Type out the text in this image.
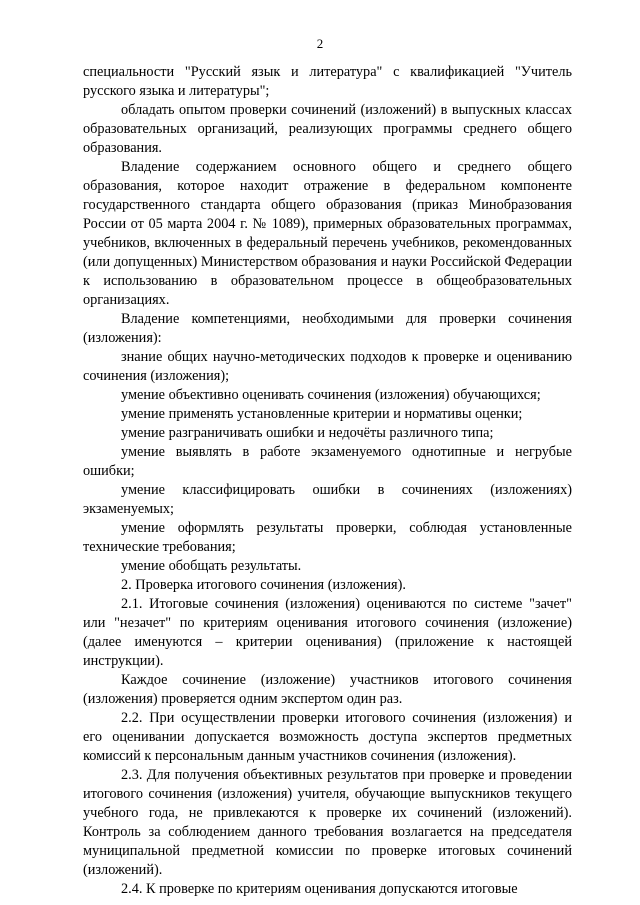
2

специальности "Русский язык и литература" с квалификацией "Учитель русского языка и литературы";

обладать опытом проверки сочинений (изложений) в выпускных классах образовательных организаций, реализующих программы среднего общего образования.

Владение содержанием основного общего и среднего общего образования, которое находит отражение в федеральном компоненте государственного стандарта общего образования (приказ Минобразования России от 05 марта 2004 г. № 1089), примерных образовательных программах, учебников, включенных в федеральный перечень учебников, рекомендованных (или допущенных) Министерством образования и науки Российской Федерации к использованию в образовательном процессе в общеобразовательных организациях.

Владение компетенциями, необходимыми для проверки сочинения (изложения):

знание общих научно-методических подходов к проверке и оцениванию сочинения (изложения);

умение объективно оценивать сочинения (изложения) обучающихся;

умение применять установленные критерии и нормативы оценки;

умение разграничивать ошибки и недочёты различного типа;

умение выявлять в работе экзаменуемого однотипные и негрубые ошибки;

умение классифицировать ошибки в сочинениях (изложениях) экзаменуемых;

умение оформлять результаты проверки, соблюдая установленные технические требования;

умение обобщать результаты.

2. Проверка итогового сочинения (изложения).

2.1. Итоговые сочинения (изложения) оцениваются по системе "зачет" или "незачет" по критериям оценивания итогового сочинения (изложение) (далее именуются – критерии оценивания) (приложение к настоящей инструкции).

Каждое сочинение (изложение) участников итогового сочинения (изложения) проверяется одним экспертом один раз.

2.2. При осуществлении проверки итогового сочинения (изложения) и его оценивании допускается возможность доступа экспертов предметных комиссий к персональным данным участников сочинения (изложения).

2.3. Для получения объективных результатов при проверке и проведении итогового сочинения (изложения) учителя, обучающие выпускников текущего учебного года, не привлекаются к проверке их сочинений (изложений). Контроль за соблюдением данного требования возлагается на председателя муниципальной предметной комиссии по проверке итоговых сочинений (изложений).

2.4. К проверке по критериям оценивания допускаются итоговые
